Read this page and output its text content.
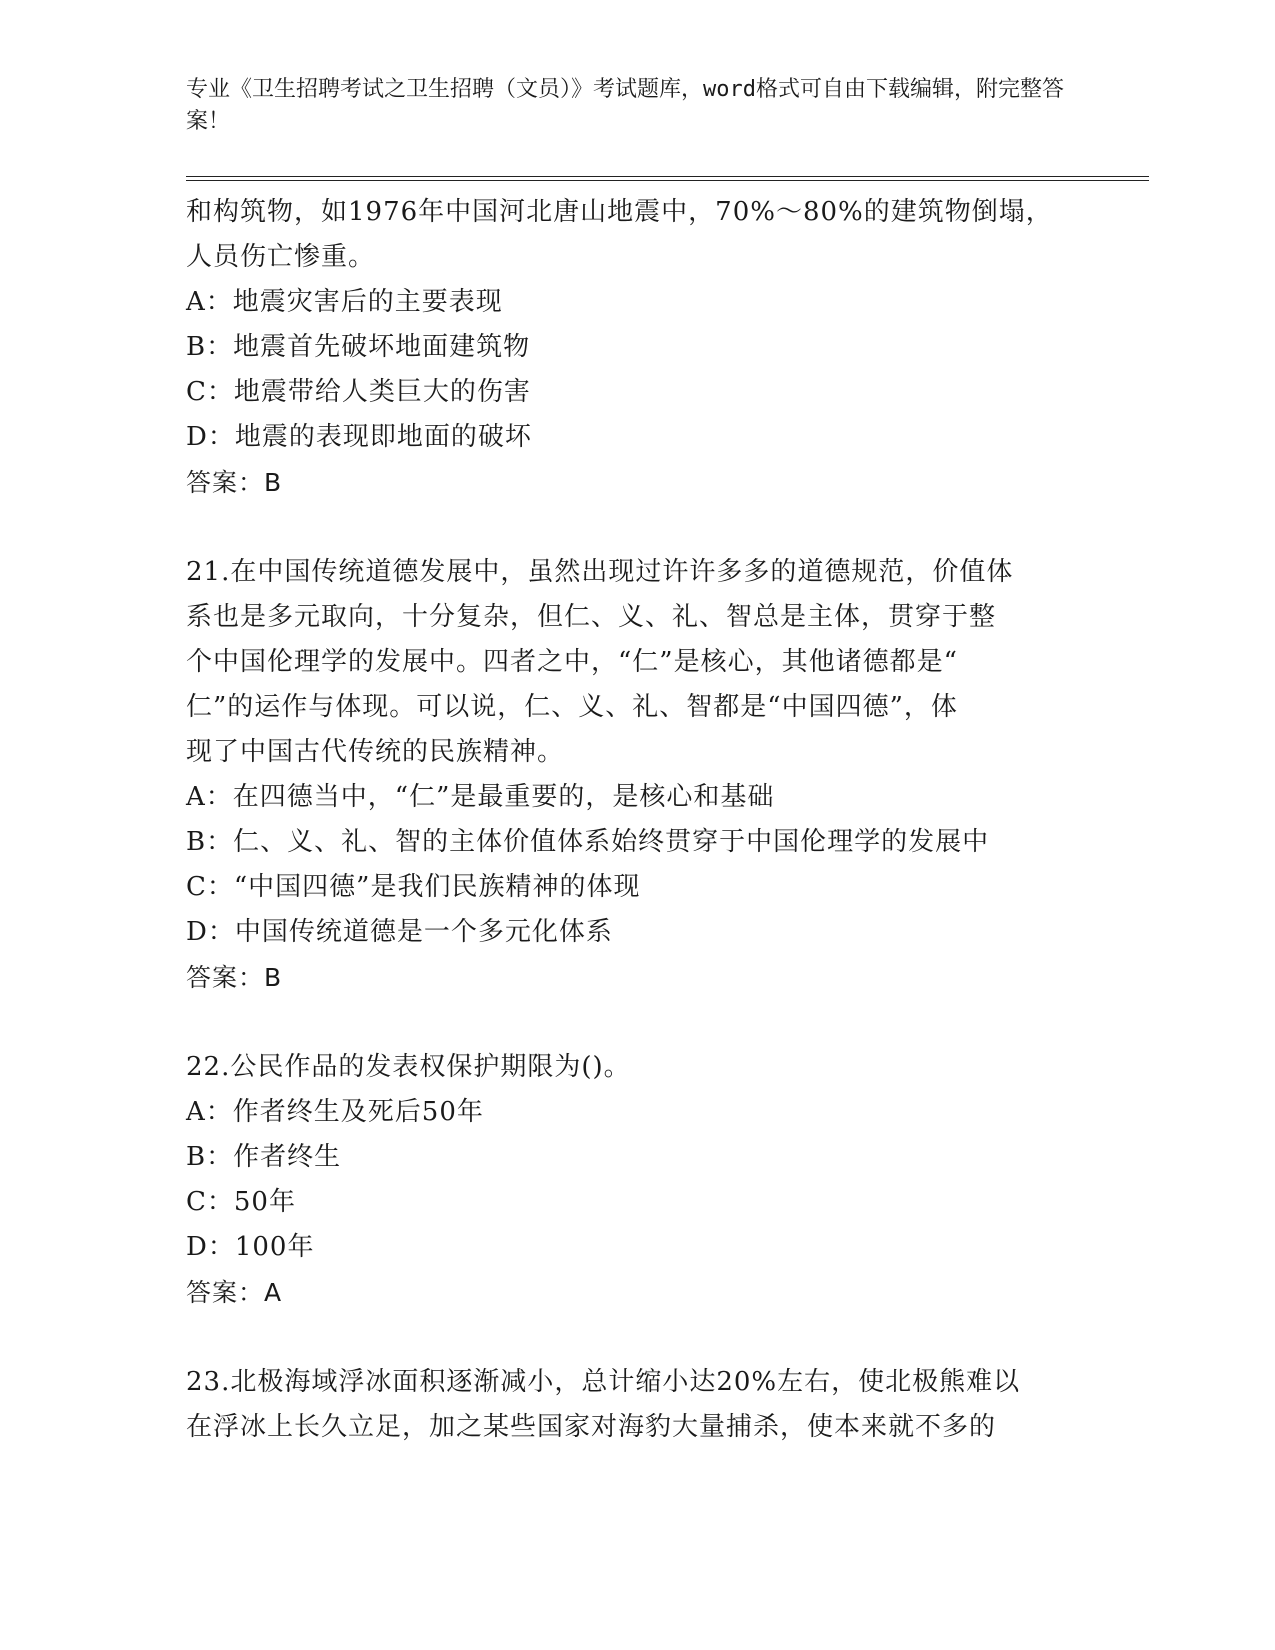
专业《卫生招聘考试之卫生招聘（文员）》考试题库，word格式可自由下载编辑，附完整答案！

和构筑物，如1976年中国河北唐山地震中，70%～80%的建筑物倒塌，

人员伤亡惨重。

A：地震灾害后的主要表现

B：地震首先破坏地面建筑物

C：地震带给人类巨大的伤害

D：地震的表现即地面的破坏

答案：B

21.在中国传统道德发展中，虽然出现过许许多多的道德规范，价值体

系也是多元取向，十分复杂，但仁、义、礼、智总是主体，贯穿于整

个中国伦理学的发展中。四者之中，“仁”是核心，其他诸德都是“

仁”的运作与体现。可以说，仁、义、礼、智都是“中国四德”，体

现了中国古代传统的民族精神。

A：在四德当中，“仁”是最重要的，是核心和基础

B：仁、义、礼、智的主体价值体系始终贯穿于中国伦理学的发展中

C：“中国四德”是我们民族精神的体现

D：中国传统道德是一个多元化体系

答案：B

22.公民作品的发表权保护期限为()。

A：作者终生及死后50年

B：作者终生

C：50年

D：100年

答案：A

23.北极海域浮冰面积逐渐减小，总计缩小达20%左右，使北极熊难以

在浮冰上长久立足，加之某些国家对海豹大量捕杀，使本来就不多的
